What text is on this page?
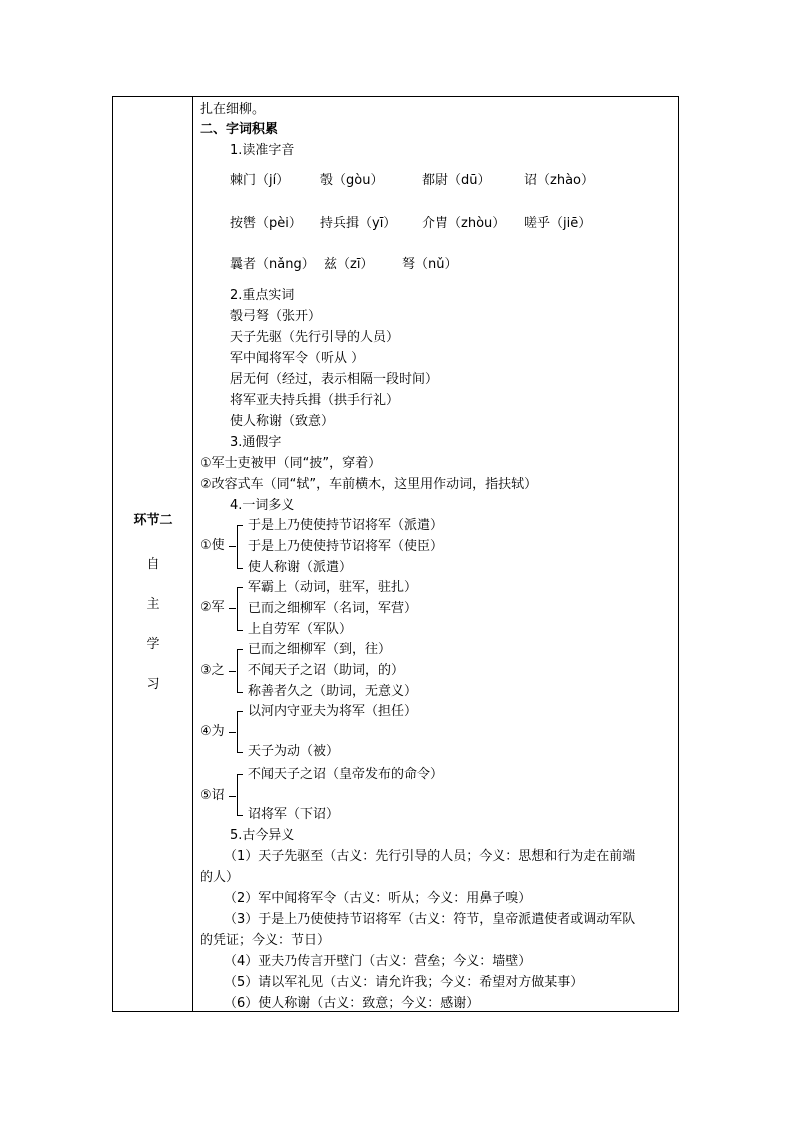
环节二
自
主
学
习
扎在细柳。
二、字词积累
1.读准字音
棘门（jí） 彀（gòu）	都尉（dū）	诏（zhào）
按辔（pèi） 持兵揖（yī） 介胄（zhòu） 嗟乎（jiē）
曩者（nǎng） 兹（zī） 弩（nǔ）
2.重点实词
彀弓弩（张开）
天子先驱（先行引导的人员）
军中闻将军令（听从 ）
居无何（经过，表示相隔一段时间）
将军亚夫持兵揖（拱手行礼）
使人称谢（致意）
3.通假字
①军士吏被甲（同“披”，穿着）
②改容式车（同“轼”，车前横木，这里用作动词，指扶轼）
4.一词多义
①使
于是上乃使使持节诏将军（派遣）
于是上乃使使持节诏将军（使臣）
使人称谢（派遣）
②军
军霸上（动词，驻军，驻扎）
已而之细柳军（名词，军营）
上自劳军（军队）
③之
已而之细柳军（到，往）
不闻天子之诏（助词，的）
称善者久之（助词，无意义）
④为
以河内守亚夫为将军（担任）
天子为动（被）
⑤诏
不闻天子之诏（皇帝发布的命令）
诏将军（下诏）
5.古今异义
（1）天子先驱至（古义：先行引导的人员；今义：思想和行为走在前端
的人）
（2）军中闻将军令（古义：听从；今义：用鼻子嗅）
（3）于是上乃使使持节诏将军（古义：符节，皇帝派遣使者或调动军队
的凭证；今义：节日）
（4）亚夫乃传言开壁门（古义：营垒；今义：墙壁）
（5）请以军礼见（古义：请允许我；今义：希望对方做某事）
（6）使人称谢（古义：致意；今义：感谢）
